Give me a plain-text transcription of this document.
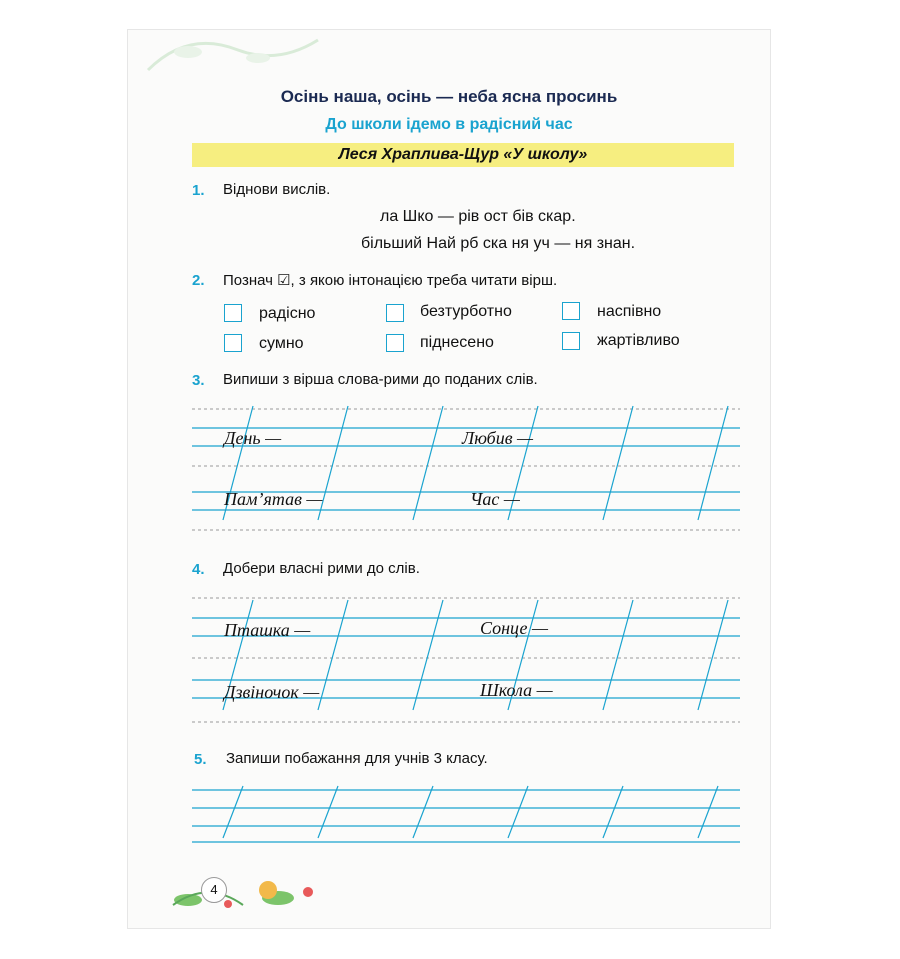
Осінь наша, осінь — неба ясна просинь
До школи ідемо в радісний час
Леся Храплива-Щур «У школу»
1. Віднови вислів.
ла Шко — рів ост бів скар.
більший Най рб ска ня уч — ня знан.
2. Познач ☑, з якою інтонацією треба читати вірш.
радісно	безтурботно	наспівно
сумно	піднесено	жартівливо
3. Випиши з вірша слова-рими до поданих слів.
4. Добери власні рими до слів.
5. Запиши побажання для учнів 3 класу.
День —	Любив —
Пам’ятав —	Час —
Пташка —	Сонце —
Дзвіночок —	Школа —
4
